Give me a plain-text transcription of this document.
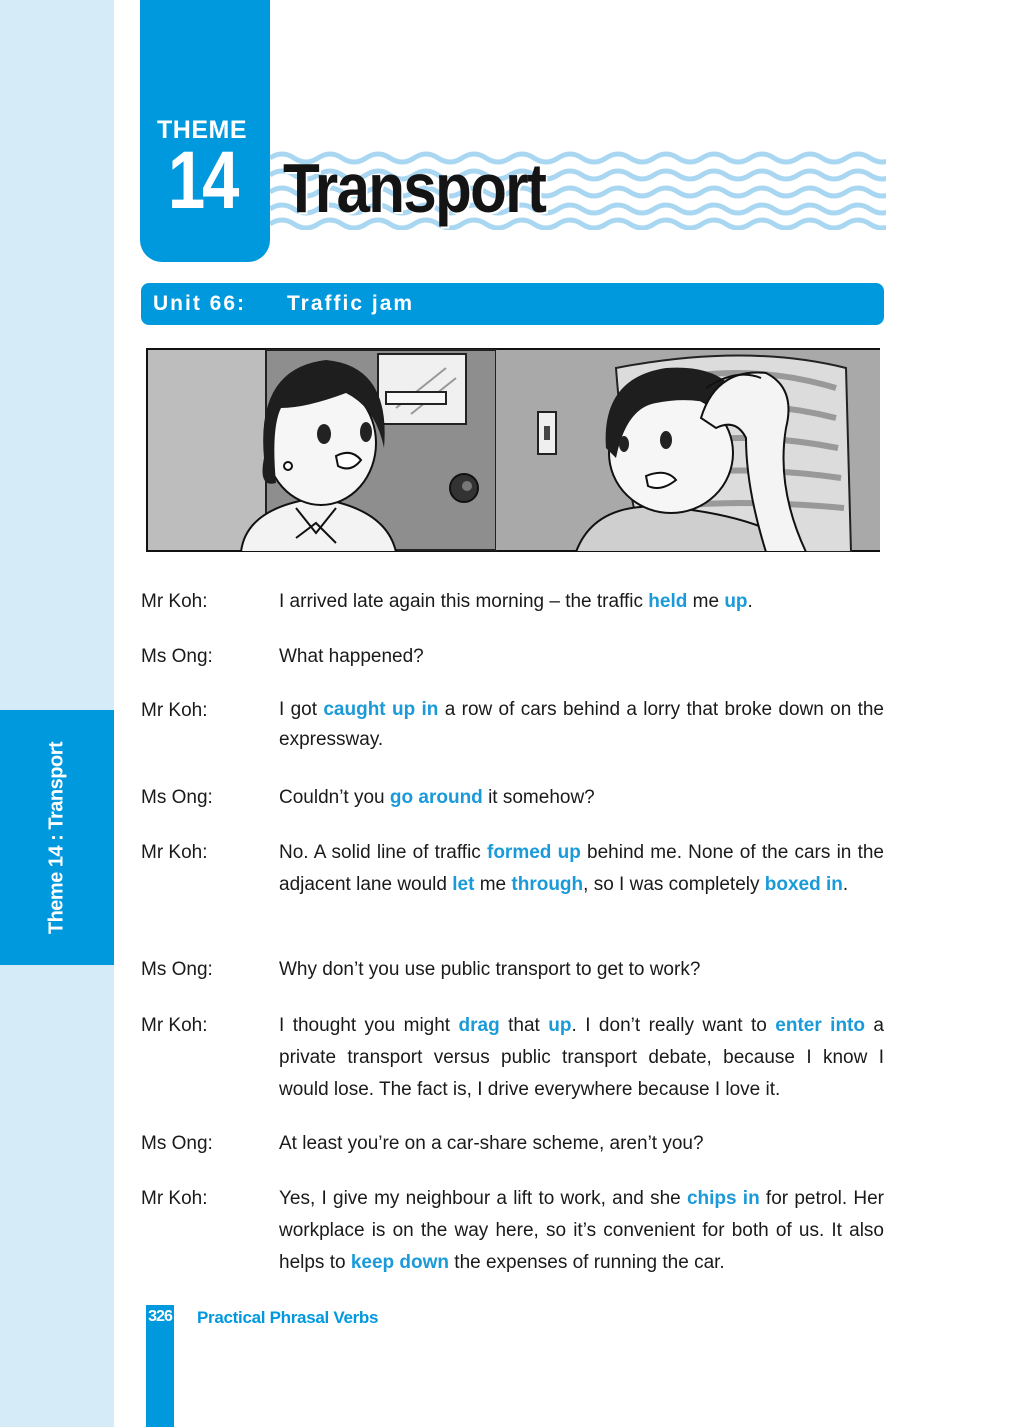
Theme 14 : Transport
THEME
14 Transport
Unit 66: Traffic jam
Mr Koh:	I arrived late again this morning – the traffic held me up.
Ms Ong:	What happened?
Mr Koh:	I got caught up in a row of cars behind a lorry that broke down on the expressway.
Ms Ong:	Couldn’t you go around it somehow?
Mr Koh:	No. A solid line of traffic formed up behind me. None of the cars in the adjacent lane would let me through, so I was completely boxed in.
Ms Ong:	Why don’t you use public transport to get to work?
Mr Koh:	I thought you might drag that up. I don’t really want to enter into a private transport versus public transport debate, because I know I would lose. The fact is, I drive everywhere because I love it.
Ms Ong:	At least you’re on a car-share scheme, aren’t you?
Mr Koh:	Yes, I give my neighbour a lift to work, and she chips in for petrol. Her workplace is on the way here, so it’s convenient for both of us. It also helps to keep down the expenses of running the car.
326 Practical Phrasal Verbs
